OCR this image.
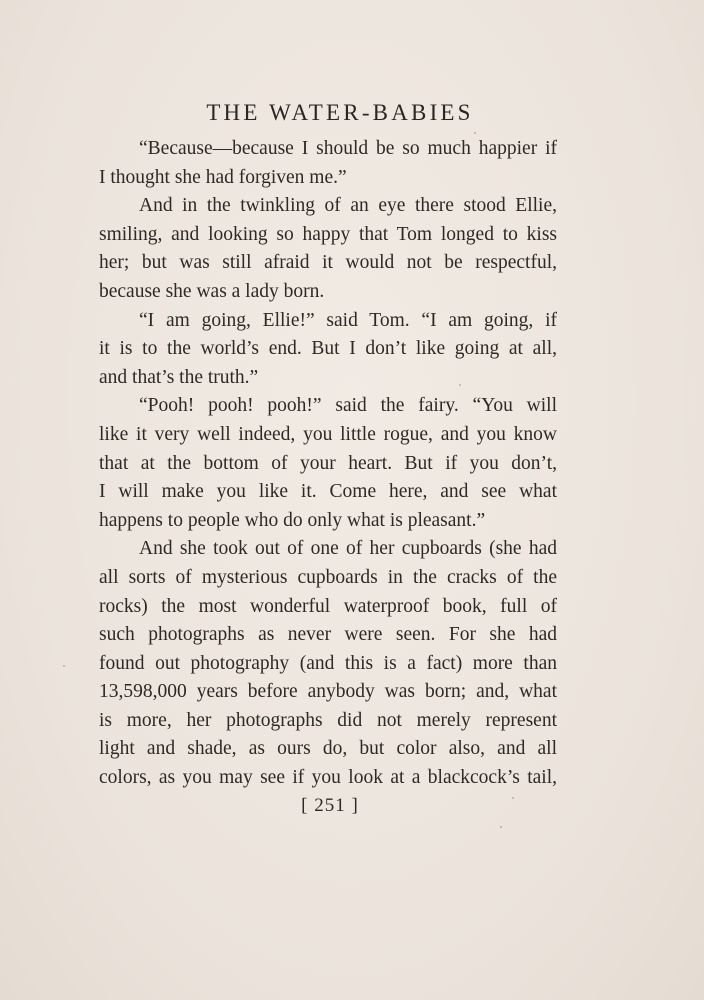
THE WATER-BABIES
“Because—because I should be so much happier if
I thought she had forgiven me.”
And in the twinkling of an eye there stood Ellie,
smiling, and looking so happy that Tom longed to kiss
her; but was still afraid it would not be respectful,
because she was a lady born.
“I am going, Ellie!” said Tom. “I am going, if
it is to the world’s end. But I don’t like going at all,
and that’s the truth.”
“Pooh! pooh! pooh!” said the fairy. “You will
like it very well indeed, you little rogue, and you know
that at the bottom of your heart. But if you don’t,
I will make you like it. Come here, and see what
happens to people who do only what is pleasant.”
And she took out of one of her cupboards (she had
all sorts of mysterious cupboards in the cracks of the
rocks) the most wonderful waterproof book, full of
such photographs as never were seen. For she had
found out photography (and this is a fact) more than
13,598,000 years before anybody was born; and, what
is more, her photographs did not merely represent
light and shade, as ours do, but color also, and all
colors, as you may see if you look at a blackcock’s tail,
[ 251 ]
